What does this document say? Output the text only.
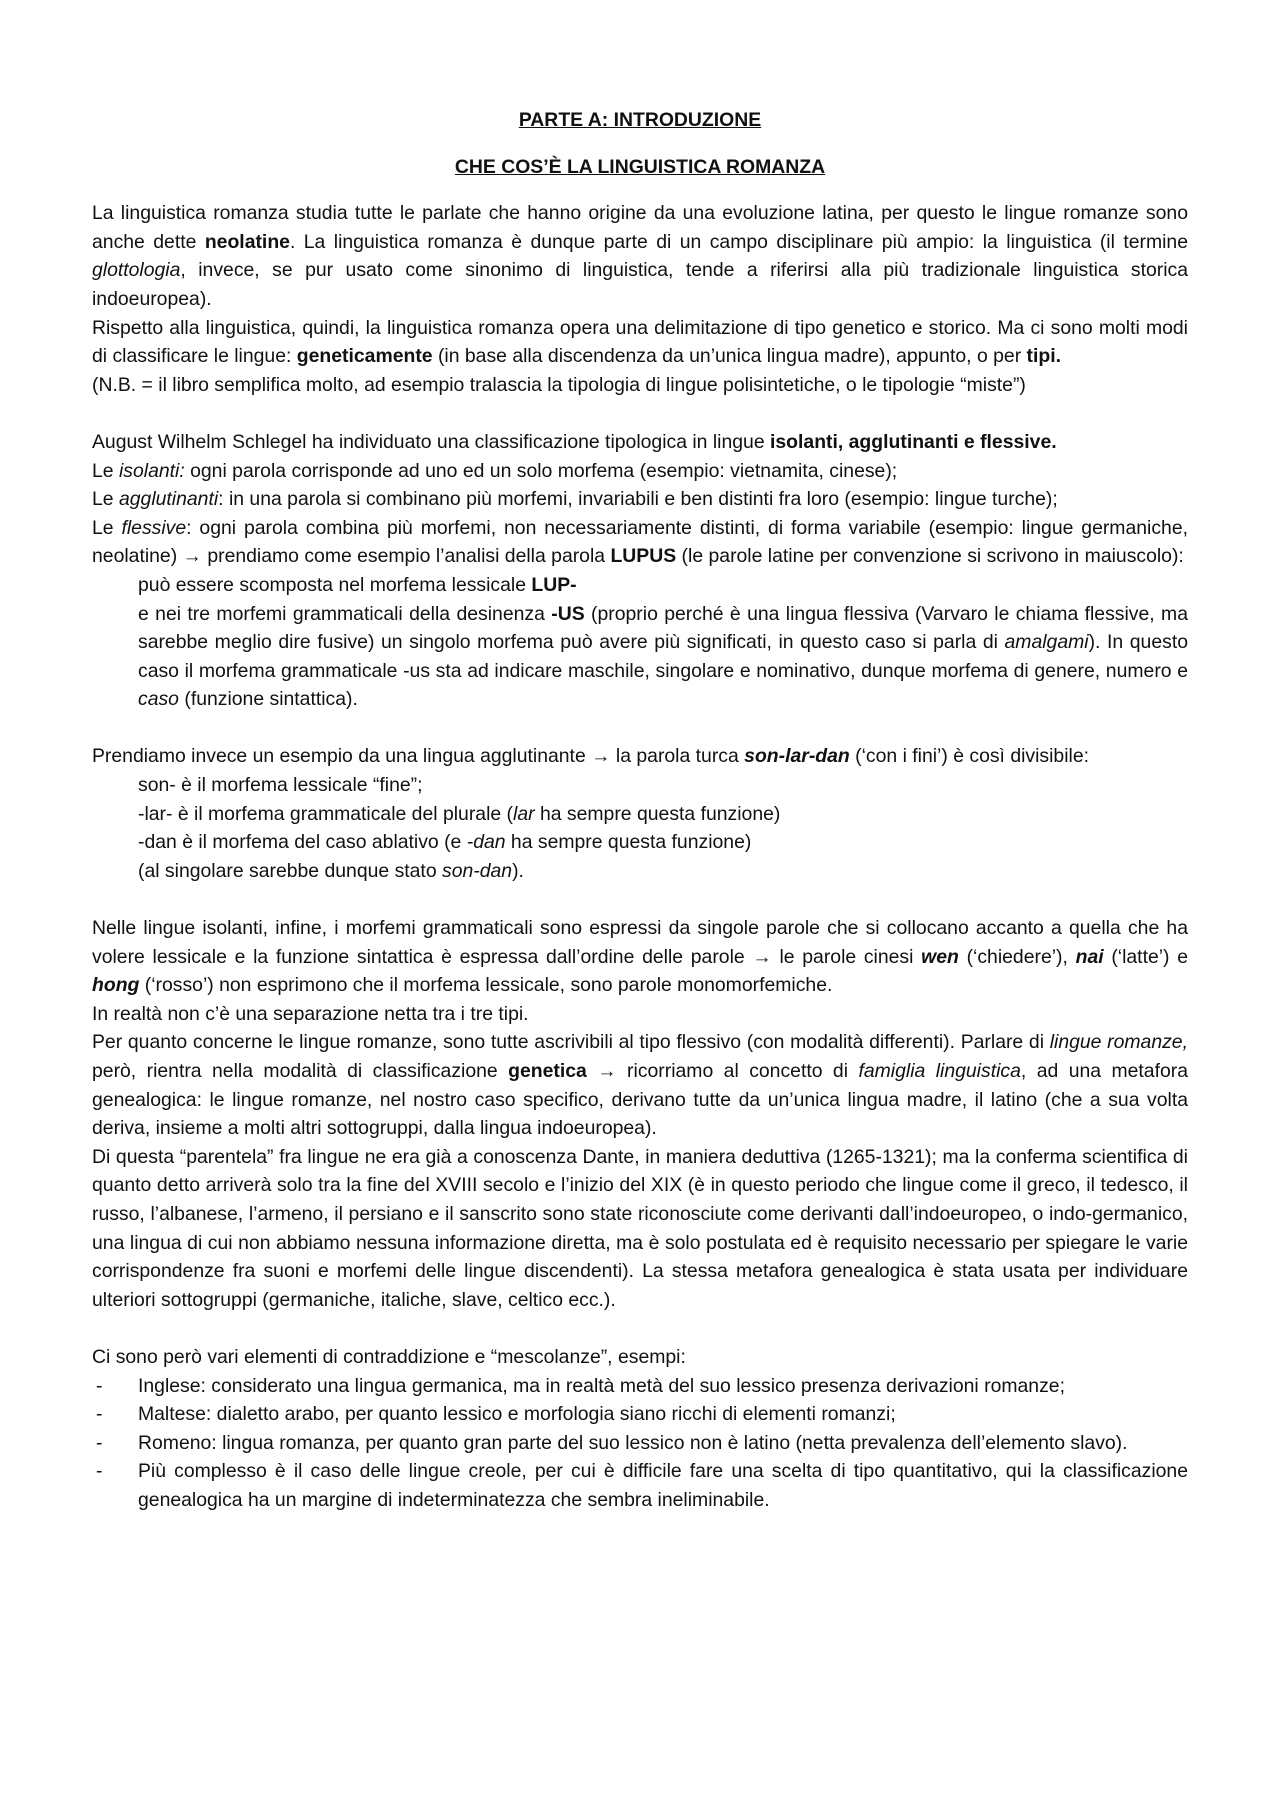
PARTE A: INTRODUZIONE
CHE COS’È LA LINGUISTICA ROMANZA

La linguistica romanza studia tutte le parlate che hanno origine da una evoluzione latina, per questo le lingue romanze sono anche dette neolatine. La linguistica romanza è dunque parte di un campo disciplinare più ampio: la linguistica (il termine glottologia, invece, se pur usato come sinonimo di linguistica, tende a riferirsi alla più tradizionale linguistica storica indoeuropea).

Rispetto alla linguistica, quindi, la linguistica romanza opera una delimitazione di tipo genetico e storico. Ma ci sono molti modi di classificare le lingue: geneticamente (in base alla discendenza da un’unica lingua madre), appunto, o per tipi.

(N.B. = il libro semplifica molto, ad esempio tralascia la tipologia di lingue polisintetiche, o le tipologie “miste”)

August Wilhelm Schlegel ha individuato una classificazione tipologica in lingue isolanti, agglutinanti e flessive.

Le isolanti: ogni parola corrisponde ad uno ed un solo morfema (esempio: vietnamita, cinese);

Le agglutinanti: in una parola si combinano più morfemi, invariabili e ben distinti fra loro (esempio: lingue turche);

Le flessive: ogni parola combina più morfemi, non necessariamente distinti, di forma variabile (esempio: lingue germaniche, neolatine) → prendiamo come esempio l’analisi della parola LUPUS (le parole latine per convenzione si scrivono in maiuscolo):

può essere scomposta nel morfema lessicale LUP-

e nei tre morfemi grammaticali della desinenza -US (proprio perché è una lingua flessiva (Varvaro le chiama flessive, ma sarebbe meglio dire fusive) un singolo morfema può avere più significati, in questo caso si parla di amalgami). In questo caso il morfema grammaticale -us sta ad indicare maschile, singolare e nominativo, dunque morfema di genere, numero e caso (funzione sintattica).

Prendiamo invece un esempio da una lingua agglutinante → la parola turca son-lar-dan (‘con i fini’) è così divisibile:

son- è il morfema lessicale “fine”;

-lar- è il morfema grammaticale del plurale (lar ha sempre questa funzione)

-dan è il morfema del caso ablativo (e -dan ha sempre questa funzione)

(al singolare sarebbe dunque stato son-dan).

Nelle lingue isolanti, infine, i morfemi grammaticali sono espressi da singole parole che si collocano accanto a quella che ha volere lessicale e la funzione sintattica è espressa dall’ordine delle parole → le parole cinesi wen (‘chiedere’), nai (‘latte’) e hong (‘rosso’) non esprimono che il morfema lessicale, sono parole monomorfemiche.

In realtà non c’è una separazione netta tra i tre tipi.

Per quanto concerne le lingue romanze, sono tutte ascrivibili al tipo flessivo (con modalità differenti). Parlare di lingue romanze, però, rientra nella modalità di classificazione genetica → ricorriamo al concetto di famiglia linguistica, ad una metafora genealogica: le lingue romanze, nel nostro caso specifico, derivano tutte da un’unica lingua madre, il latino (che a sua volta deriva, insieme a molti altri sottogruppi, dalla lingua indoeuropea).

Di questa “parentela” fra lingue ne era già a conoscenza Dante, in maniera deduttiva (1265-1321); ma la conferma scientifica di quanto detto arriverà solo tra la fine del XVIII secolo e l’inizio del XIX (è in questo periodo che lingue come il greco, il tedesco, il russo, l’albanese, l’armeno, il persiano e il sanscrito sono state riconosciute come derivanti dall’indoeuropeo, o indo-germanico, una lingua di cui non abbiamo nessuna informazione diretta, ma è solo postulata ed è requisito necessario per spiegare le varie corrispondenze fra suoni e morfemi delle lingue discendenti). La stessa metafora genealogica è stata usata per individuare ulteriori sottogruppi (germaniche, italiche, slave, celtico ecc.).

Ci sono però vari elementi di contraddizione e “mescolanze”, esempi:

- Inglese: considerato una lingua germanica, ma in realtà metà del suo lessico presenza derivazioni romanze;
- Maltese: dialetto arabo, per quanto lessico e morfologia siano ricchi di elementi romanzi;
- Romeno: lingua romanza, per quanto gran parte del suo lessico non è latino (netta prevalenza dell’elemento slavo).
- Più complesso è il caso delle lingue creole, per cui è difficile fare una scelta di tipo quantitativo, qui la classificazione genealogica ha un margine di indeterminatezza che sembra ineliminabile.
